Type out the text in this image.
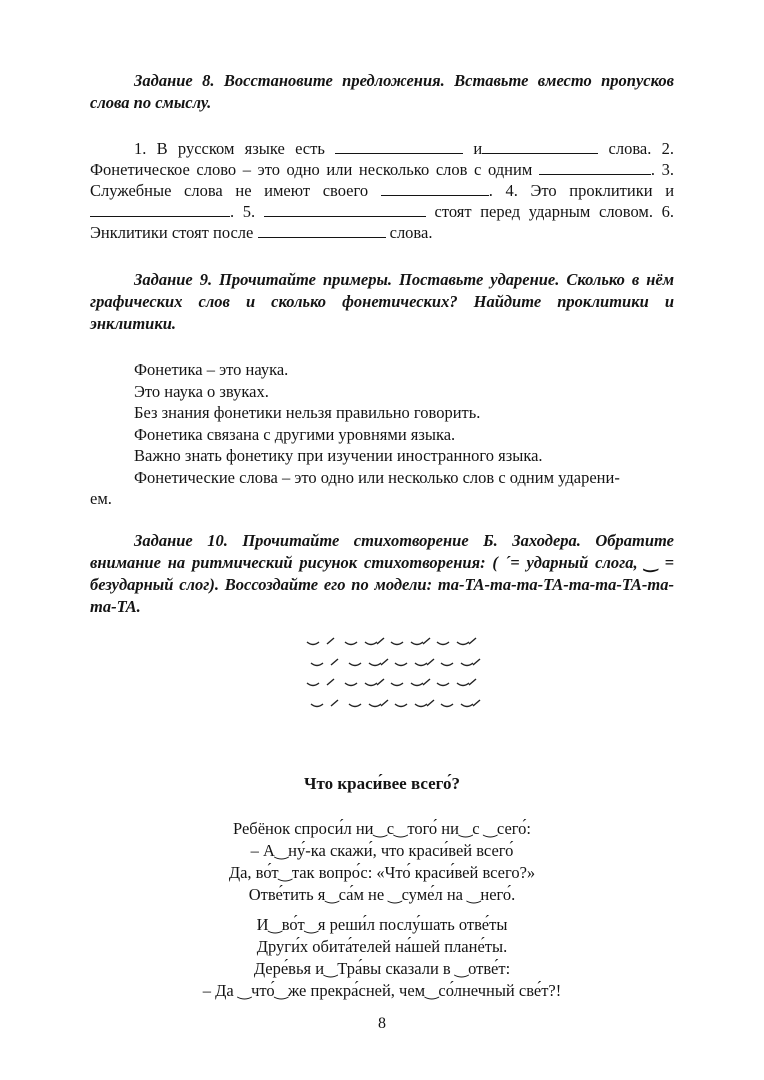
Задание 8. Восстановите предложения. Вставьте вместо пропусков слова по смыслу.

1. В русском языке есть	и	слова. 2. Фонетическое слово – это одно или несколько слов с одним	. 3. Служебные слова не имеют своего	. 4. Это проклитики и . 5.	стоят перед ударным словом. 6. Энклитики стоят после	слова.

Задание 9. Прочитайте примеры. Поставьте ударение. Сколько в нём графических слов и сколько фонетических? Найдите проклитики и энклитики.

Фонетика – это наука.

Это наука о звуках.

Без знания фонетики нельзя правильно говорить.

Фонетика связана с другими уровнями языка.

Важно знать фонетику при изучении иностранного языка.

Фонетические слова – это одно или несколько слов с одним ударени-

ем.

Задание 10. Прочитайте стихотворение Б. Заходера. Обратите внимание на ритмический рисунок стихотворения: ( ´= ударный слога, ‿ = безударный слог). Воссоздайте его по модели: та-ТА-та-та-ТА-та-та-ТА-та-та-ТА.

Что краси́вее всего́?
Ребёнок спроси́л ни‿с‿того́ ни‿с ‿сего́:
– А‿ну́-ка скажи́, что краси́вей всего́
Да, во́т‿так вопро́с: «Что́ краси́вей всего?»
Отве́тить я‿са́м не ‿суме́л на ‿него́.
И‿во́т‿я реши́л послу́шать отве́ты
Други́х обита́телей на́шей плане́ты.
Дере́вья и‿Тра́вы сказали в ‿отве́т:
– Да ‿что́‿же прекра́сней, чем‿со́лнечный све́т?!
8
